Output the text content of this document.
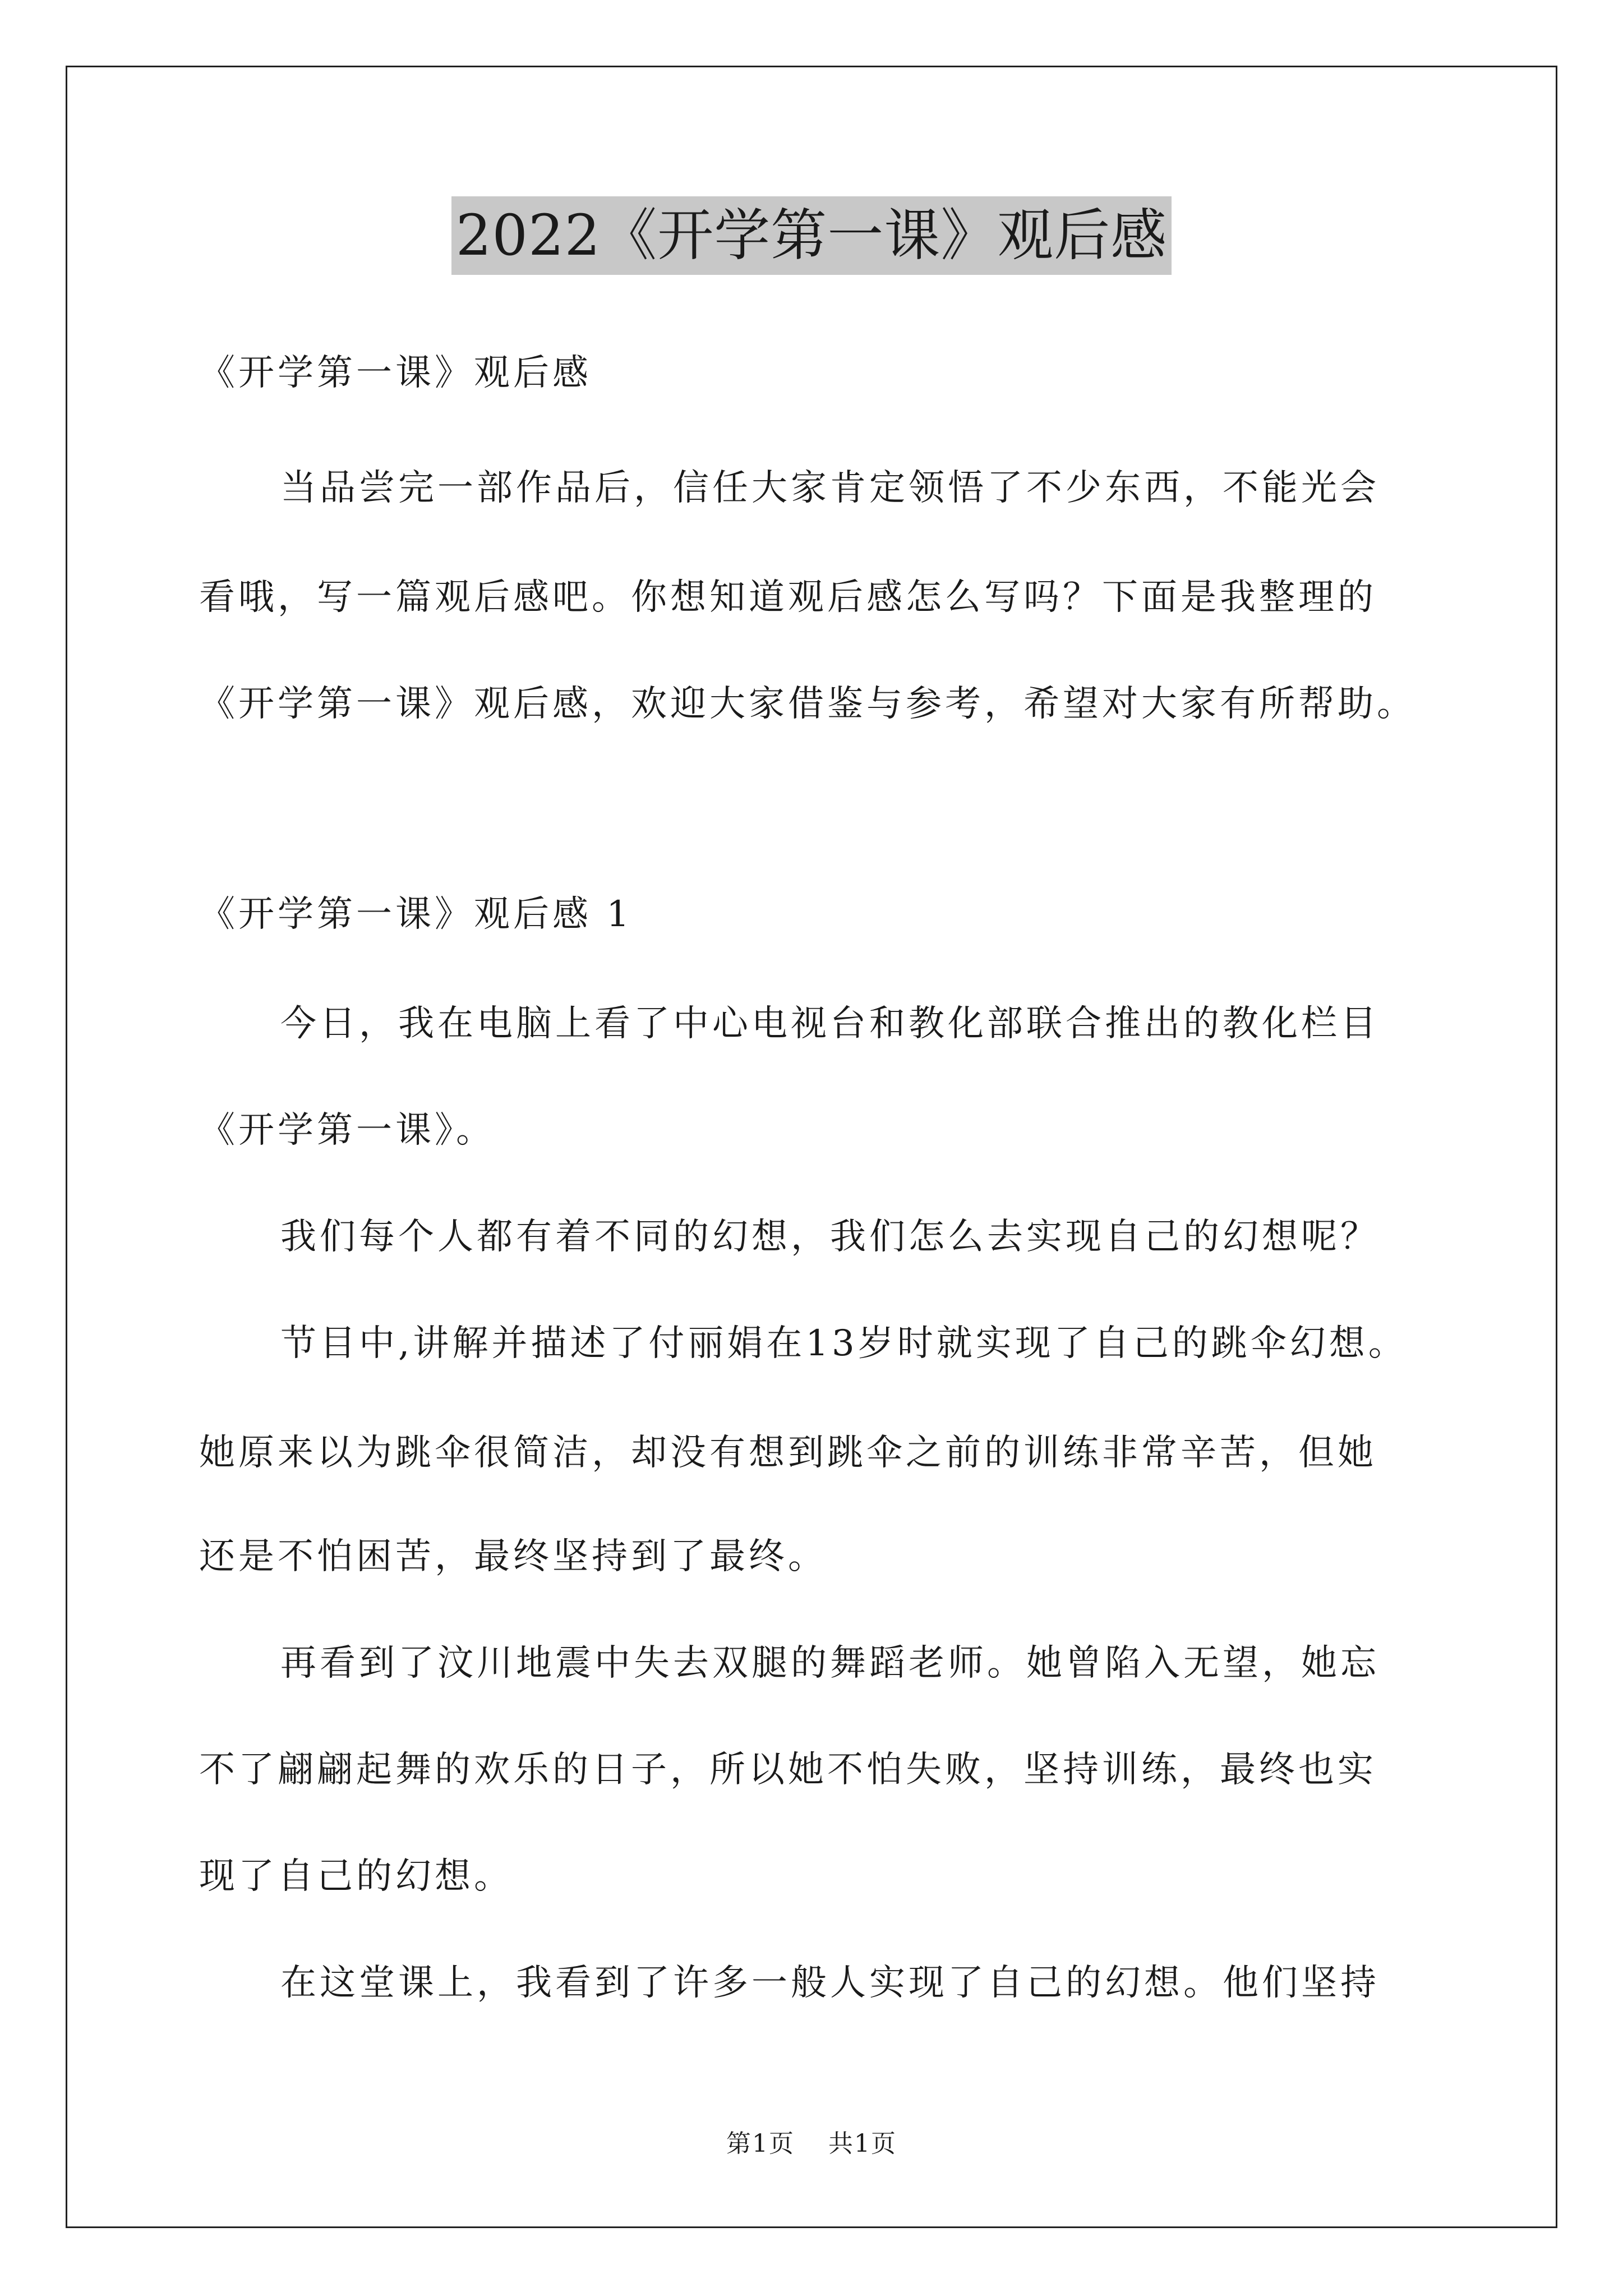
2022《开学第一课》观后感
《开学第一课》观后感
当品尝完一部作品后，信任大家肯定领悟了不少东西，不能光会
看哦，写一篇观后感吧。你想知道观后感怎么写吗？下面是我整理的
《开学第一课》观后感，欢迎大家借鉴与参考，希望对大家有所帮助。
《开学第一课》观后感 1
今日，我在电脑上看了中心电视台和教化部联合推出的教化栏目
《开学第一课》。
我们每个人都有着不同的幻想，我们怎么去实现自己的幻想呢？
节目中,讲解并描述了付丽娟在13岁时就实现了自己的跳伞幻想。
她原来以为跳伞很简洁，却没有想到跳伞之前的训练非常辛苦，但她
还是不怕困苦，最终坚持到了最终。
再看到了汶川地震中失去双腿的舞蹈老师。她曾陷入无望，她忘
不了翩翩起舞的欢乐的日子，所以她不怕失败，坚持训练，最终也实
现了自己的幻想。
在这堂课上，我看到了许多一般人实现了自己的幻想。他们坚持
第1页 共1页
